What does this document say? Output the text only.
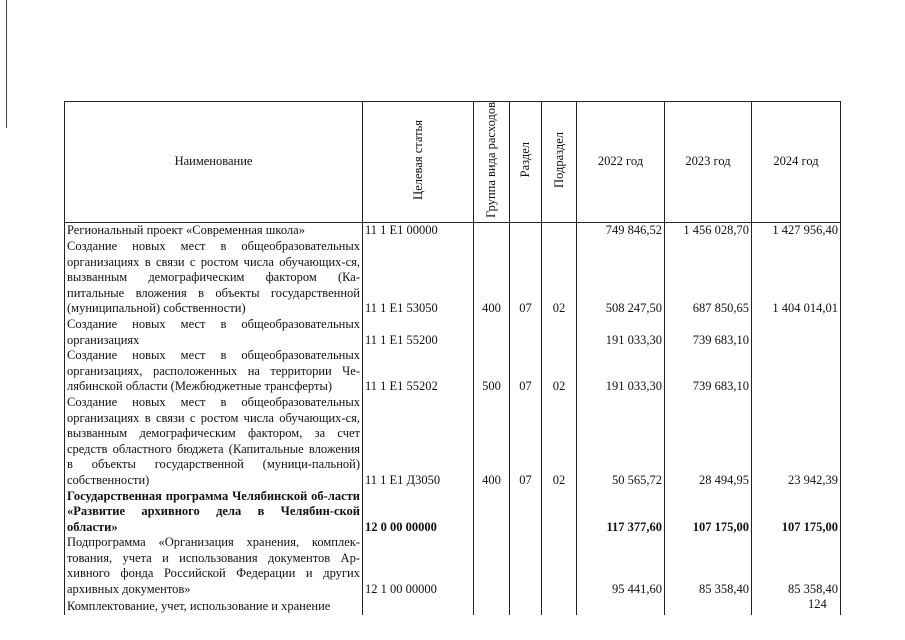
Наименование	Целевая статья	Группа вида расходов	Раздел	Подраздел	2022 год	2023 год	2024 год
Региональный проект «Современная школа»	11 1 E1 00000				749 846,52	1 456 028,70	1 427 956,40
Создание новых мест в общеобразовательных организациях в связи с ростом числа обучающих-ся, вызванным демографическим фактором (Ка-питальные вложения в объекты государственной (муниципальной) собственности)	11 1 E1 53050	400	07	02	508 247,50	687 850,65	1 404 014,01
Создание новых мест в общеобразовательных организациях	11 1 E1 55200				191 033,30	739 683,10	
Создание новых мест в общеобразовательных организациях, расположенных на территории Че-лябинской области (Межбюджетные трансферты)	11 1 E1 55202	500	07	02	191 033,30	739 683,10	
Создание новых мест в общеобразовательных организациях в связи с ростом числа обучающих-ся, вызванным демографическим фактором, за счет средств областного бюджета (Капитальные вложения в объекты государственной (муници-пальной) собственности)	11 1 E1 Д3050	400	07	02	50 565,72	28 494,95	23 942,39
Государственная программа Челябинской об-ласти «Развитие архивного дела в Челябин-ской области»	12 0 00 00000				117 377,60	107 175,00	107 175,00
Подпрограмма «Организация хранения, комплек-тования, учета и использования документов Ар-хивного фонда Российской Федерации и других архивных документов»	12 1 00 00000				95 441,60	85 358,40	85 358,40
Комплектование, учет, использование и хранение								124
